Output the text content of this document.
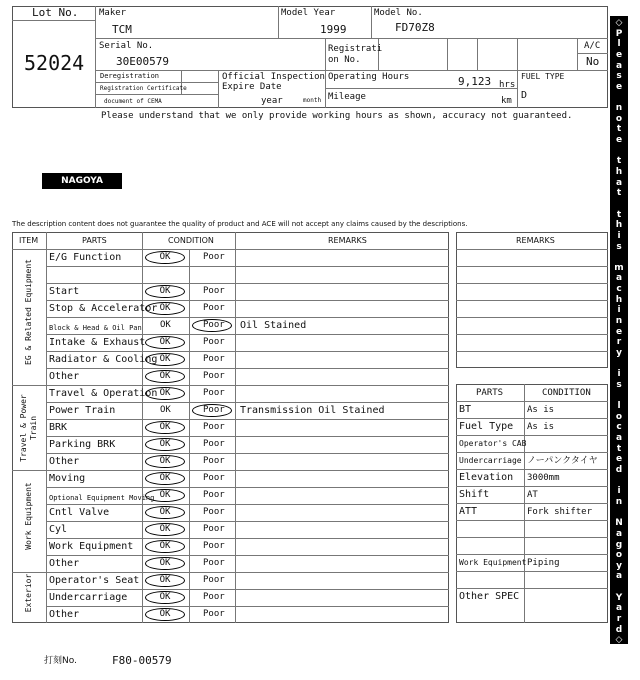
Lot No.
52024
Maker
TCM
Model Year
1999
Model No.
FD70Z8
Serial No.
30E00579
Registrati
on No.
A/C
No
Deregistration
Registration Certificate
document of CEMA
Official Inspection
Expire Date
year	month
Operating Hours	9,123 hrs
Mileage	km
FUEL TYPE
D
Please understand that we only provide working hours as shown, accuracy not guaranteed.
NAGOYA
The description content does not guarantee the quality of product and ACE will not accept any claims caused by the descriptions.
ITEM	PARTS	CONDITION	REMARKS
E/G Function	OK	Poor
Start	OK	Poor
Stop & Accelerator OK	Poor
Block & Head & Oil Pan OK	Poor Oil Stained
Intake & Exhaust	OK	Poor
Radiator & Cooling OK	Poor
Other	OK	Poor
EG & Related Equipment
Travel & Operation OK	Poor
Power Train	OK	Poor Transmission Oil Stained
BRK	OK	Poor
Parking BRK	OK	Poor
Other	OK	Poor
Travel & Power
Train
Moving	OK	Poor
Optional Equipment Moving OK	Poor
Cntl Valve	OK	Poor
Cyl	OK	Poor
Work Equipment	OK	Poor
Other	OK	Poor
Work Equipment
Operator's Seat	OK	Poor
Undercarriage	OK	Poor
Other	OK	Poor
Exterior
REMARKS
PARTS	CONDITION
BT	As is
Fuel Type As is
Operator's CAB
Undercarriage ノーパンクタイヤ
Elevation 3000mm
Shift	AT
ATT	Fork shifter
Work Equipment Piping
Other SPEC
打刻No.	F80-00579
◇
P
l
e
a
s
e

n
o
t
e

t
h
a
t

t
h
i
s

m
a
c
h
i
n
e
r
y

i
s

l
o
c
a
t
e
d

i
n

N
a
g
o
y
a

Y
a
r
d
◇
